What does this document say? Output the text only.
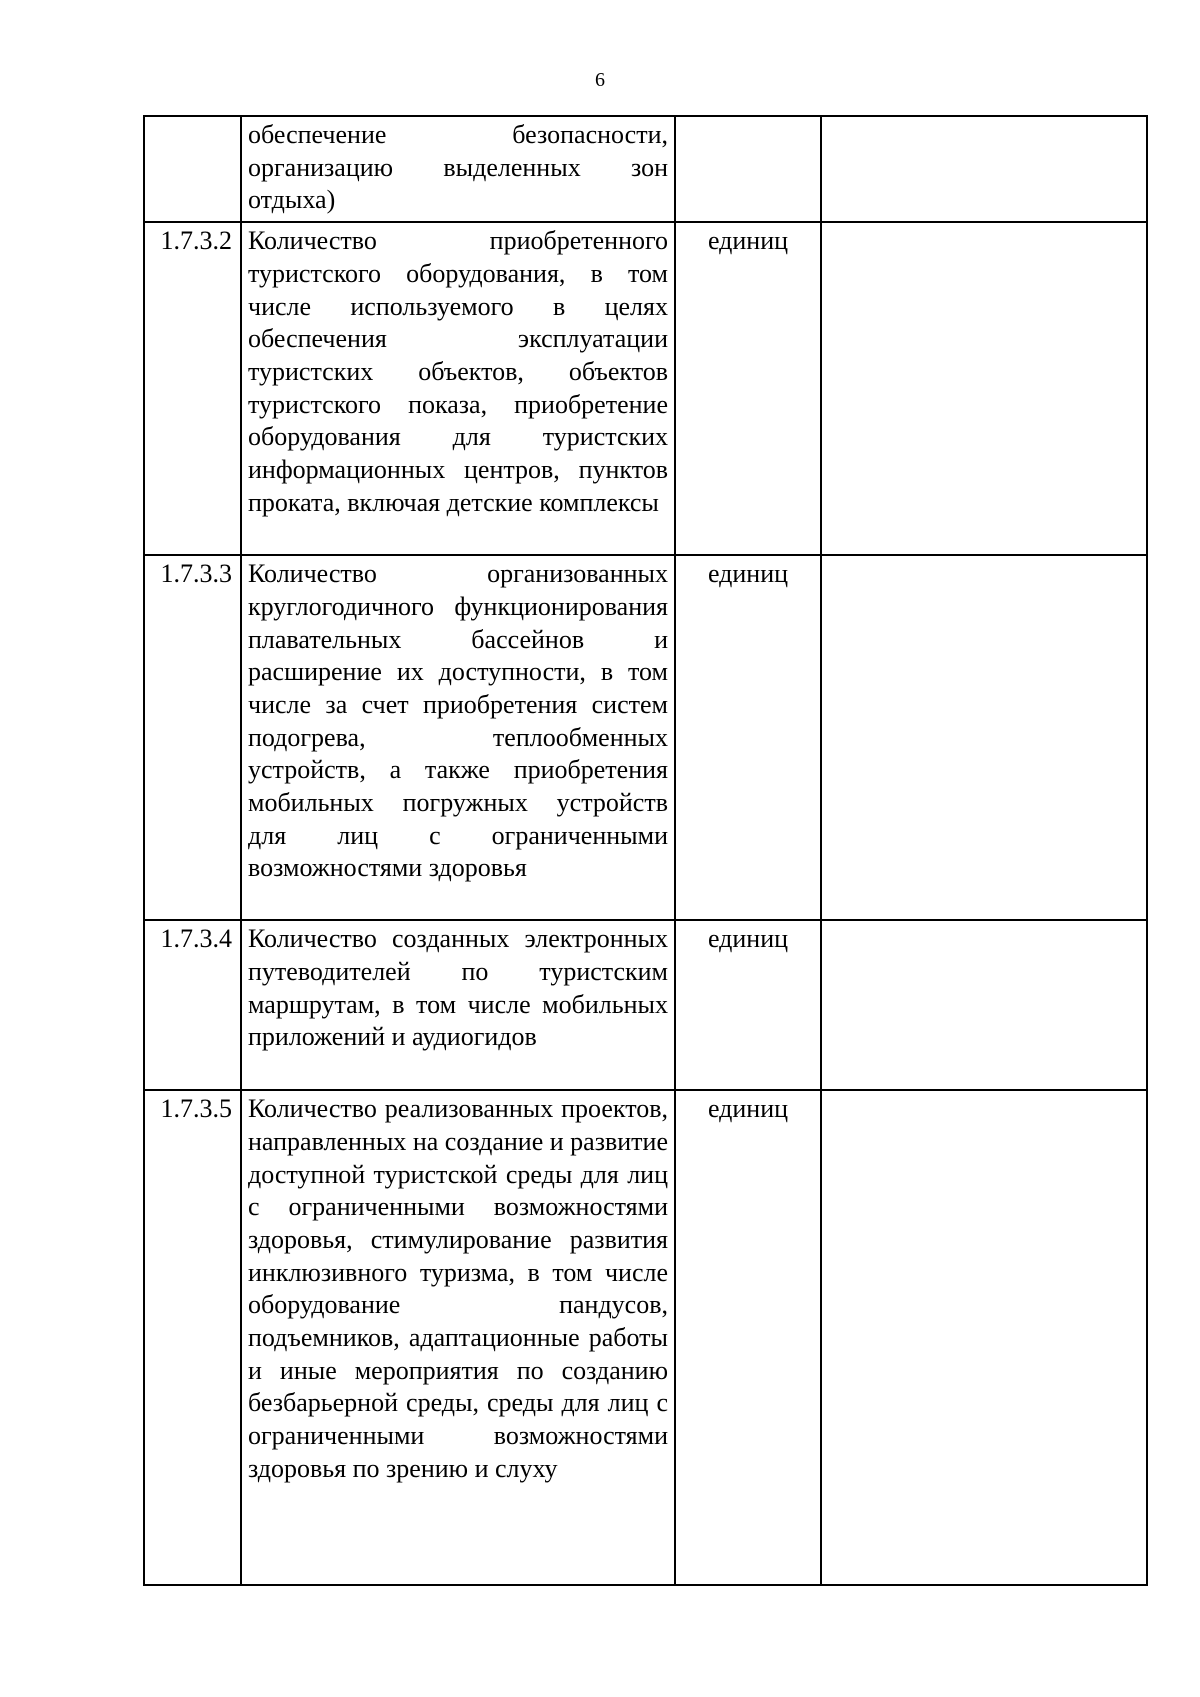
6

	обеспечение безопасности, организацию выделенных зон отдыха)		

1.7.3.2	Количество приобретенного туристского оборудования, в том числе используемого в целях обеспечения эксплуатации туристских объектов, объектов туристского показа, приобретение оборудования для туристских информационных центров, пунктов проката, включая детские комплексы	единиц	

1.7.3.3	Количество организованных круглогодичного функционирования плавательных бассейнов и расширение их доступности, в том числе за счет приобретения систем подогрева, теплообменных устройств, а также приобретения мобильных погружных устройств для лиц с ограниченными возможностями здоровья	единиц	

1.7.3.4	Количество созданных электронных путеводителей по туристским маршрутам, в том числе мобильных приложений и аудиогидов	единиц	

1.7.3.5	Количество реализованных проектов, направленных на создание и развитие доступной туристской среды для лиц с ограниченными возможностями здоровья, стимулирование развития инклюзивного туризма, в том числе оборудование пандусов, подъемников, адаптационные работы и иные мероприятия по созданию безбарьерной среды, среды для лиц с ограниченными возможностями здоровья по зрению и слуху	единиц	
